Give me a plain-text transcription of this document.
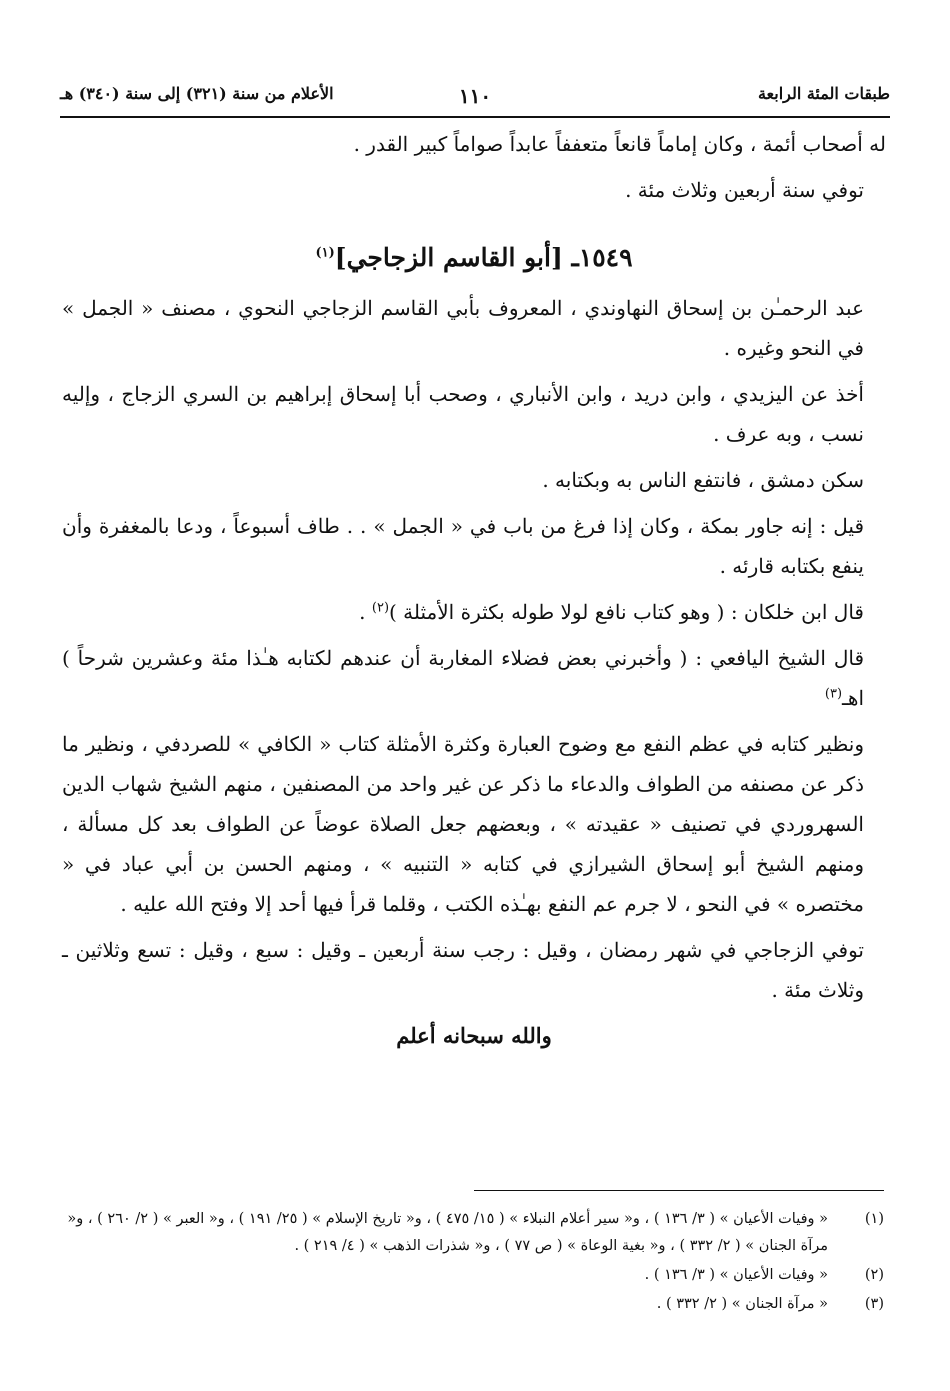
طبقات المئة الرابعة
١١٠
الأعلام من سنة (٣٢١) إلى سنة (٣٤٠) هـ

له أصحاب أئمة ، وكان إماماً قانعاً متعففاً عابداً صواماً كبير القدر .

توفي سنة أربعين وثلاث مئة .

١٥٤٩ـ [أبو القاسم الزجاجي]$^{(١)}$

عبد الرحمـٰن بن إسحاق النهاوندي ، المعروف بأبي القاسم الزجاجي النحوي ، مصنف « الجمل » في النحو وغيره .

أخذ عن اليزيدي ، وابن دريد ، وابن الأنباري ، وصحب أبا إسحاق إبراهيم بن السري الزجاج ، وإليه نسب ، وبه عرف .

سكن دمشق ، فانتفع الناس به وبكتابه .

قيل : إنه جاور بمكة ، وكان إذا فرغ من باب في « الجمل » . . طاف أسبوعاً ، ودعا بالمغفرة وأن ينفع بكتابه قارئه .

قال ابن خلكان : ( وهو كتاب نافع لولا طوله بكثرة الأمثلة )$^{(٢)}$ .

قال الشيخ اليافعي : ( وأخبرني بعض فضلاء المغاربة أن عندهم لكتابه هـٰذا مئة وعشرين شرحاً ) اهـ$^{(٣)}$

ونظير كتابه في عظم النفع مع وضوح العبارة وكثرة الأمثلة كتاب « الكافي » للصردفي ، ونظير ما ذكر عن مصنفه من الطواف والدعاء ما ذكر عن غير واحد من المصنفين ، منهم الشيخ شهاب الدين السهروردي في تصنيف « عقيدته » ، وبعضهم جعل الصلاة عوضاً عن الطواف بعد كل مسألة ، ومنهم الشيخ أبو إسحاق الشيرازي في كتابه « التنبيه » ، ومنهم الحسن بن أبي عباد في « مختصره » في النحو ، لا جرم عم النفع بهـٰذه الكتب ، وقلما قرأ فيها أحد إلا وفتح الله عليه .

توفي الزجاجي في شهر رمضان ، وقيل : رجب سنة أربعين ـ وقيل : سبع ، وقيل : تسع وثلاثين ـ وثلاث مئة .

والله سبحانه أعلم
(١)
« وفيات الأعيان » ( ٣/ ١٣٦ ) ، و« سير أعلام النبلاء » ( ١٥/ ٤٧٥ ) ، و« تاريخ الإسلام » ( ٢٥/ ١٩١ ) ، و« العبر » ( ٢/ ٢٦٠ ) ، و« مرآة الجنان » ( ٢/ ٣٣٢ ) ، و« بغية الوعاة » ( ص ٧٧ ) ، و« شذرات الذهب » ( ٤/ ٢١٩ ) .
(٢)
« وفيات الأعيان » ( ٣/ ١٣٦ ) .
(٣)
« مرآة الجنان » ( ٢/ ٣٣٢ ) .
